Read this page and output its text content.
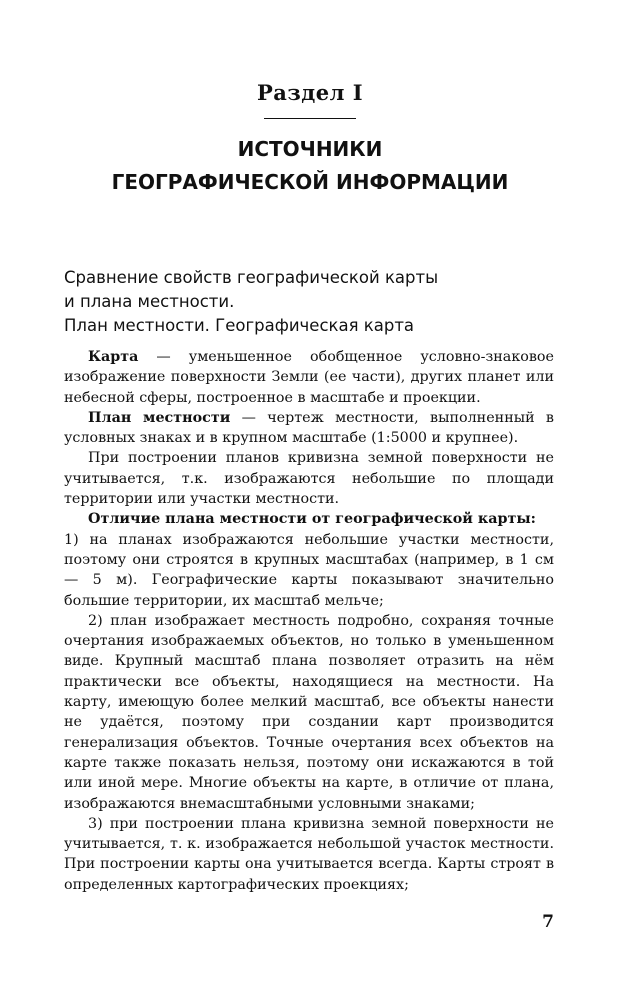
Раздел I
ИСТОЧНИКИ
ГЕОГРАФИЧЕСКОЙ ИНФОРМАЦИИ
Сравнение свойств географической карты
и плана местности.
План местности. Географическая карта

Карта — уменьшенное обобщенное условно-знаковое изображение поверхности Земли (ее части), других планет или небесной сферы, построенное в масштабе и проекции.

План местности — чертеж местности, выполненный в условных знаках и в крупном масштабе (1:5000 и крупнее).

При построении планов кривизна земной поверхности не учитывается, т.к. изображаются небольшие по площади территории или участки местности.

Отличие плана местности от географической карты:

1) на планах изображаются небольшие участки местности, поэтому они строятся в крупных масштабах (например, в 1 см — 5 м). Географические карты показывают значительно большие территории, их масштаб мельче;

2) план изображает местность подробно, сохраняя точные очертания изображаемых объектов, но только в уменьшенном виде. Крупный масштаб плана позволяет отразить на нём практически все объекты, находящиеся на местности. На карту, имеющую более мелкий масштаб, все объекты нанести не удаётся, поэтому при создании карт производится генерализация объектов. Точные очертания всех объектов на карте также показать нельзя, поэтому они искажаются в той или иной мере. Многие объекты на карте, в отличие от плана, изображаются внемасштабными условными знаками;

3) при построении плана кривизна земной поверхности не учитывается, т. к. изображается небольшой участок местности. При построении карты она учитывается всегда. Карты строят в определенных картографических проекциях;

7
